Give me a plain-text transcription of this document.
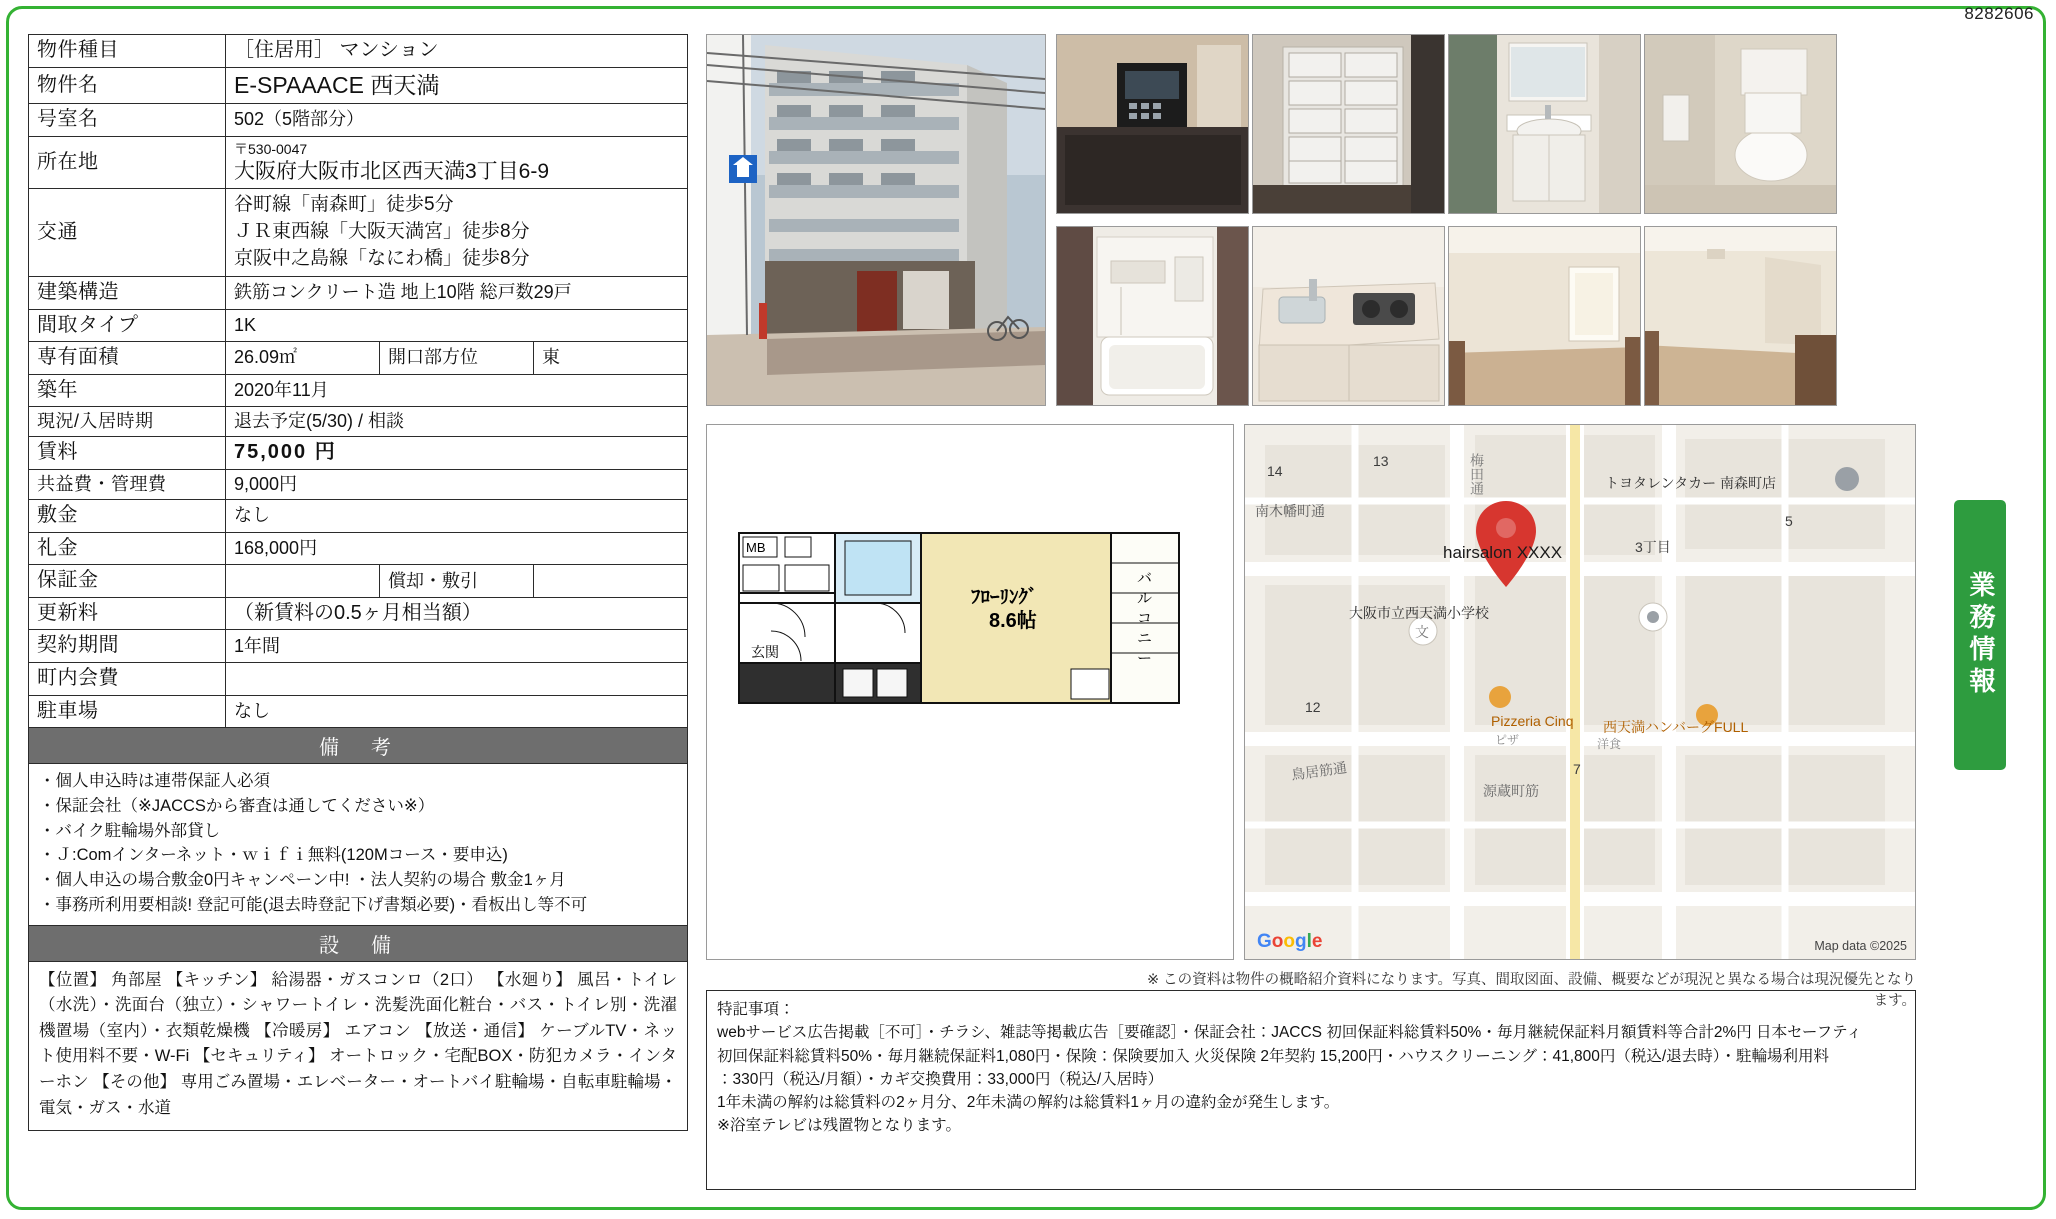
8282606
物件種目	［住居用］ マンション		
物件名	E-SPAAACE 西天満		
号室名	502（5階部分）		
所在地	〒530-0047
大阪府大阪市北区西天満3丁目6-9		

交通	谷町線「南森町」徒歩5分
ＪＲ東西線「大阪天満宮」徒歩8分
京阪中之島線「なにわ橋」徒歩8分		

建築構造	鉄筋コンクリート造 地上10階 総戸数29戸		
間取タイプ	1K		
専有面積	26.09㎡	開口部方位	東
築年	2020年11月		
現況/入居時期	退去予定(5/30) / 相談		
賃料	75,000 円		
共益費・管理費	9,000円		
敷金	なし		
礼金	168,000円		
保証金		償却・敷引	
更新料	（新賃料の0.5ヶ月相当額）		
契約期間	1年間		
町内会費			
駐車場	なし		
備　考
・個人申込時は連帯保証人必須
・保証会社（※JACCSから審査は通してください※）
・バイク駐輪場外部貸し
・Ｊ:Comインターネット・ｗｉｆｉ無料(120Mコース・要申込)
・個人申込の場合敷金0円キャンペーン中! ・法人契約の場合 敷金1ヶ月
・事務所利用要相談! 登記可能(退去時登記下げ書類必要)・看板出し等不可
設　備
【位置】 角部屋 【キッチン】 給湯器・ガスコンロ（2口） 【水廻り】 風呂・トイレ（水洗）・洗面台（独立）・シャワートイレ・洗髪洗面化粧台・バス・トイレ別・洗濯機置場（室内）・衣類乾燥機 【冷暖房】 エアコン 【放送・通信】 ケーブルTV・ネット使用料不要・W-Fi 【セキュリティ】 オートロック・宅配BOX・防犯カメラ・インターホン 【その他】 専用ごみ置場・エレベーター・オートバイ駐輪場・自転車駐輪場・電気・ガス・水道
MB
玄関
ﾌﾛｰﾘﾝｸﾞ
8.6帖
バ
ル
コ
ニ
ー
文
14
13
5
3丁目
12
7
トヨタレンタカー 南森町店
南木幡町通
大阪市立西天満小学校
Pizzeria Cinq
ピザ
西天満ハンバーグFULL
洋食
鳥居筋通
源蔵町筋
梅田通
hairsalon XXXX
Google	Map data ©2025
※ この資料は物件の概略紹介資料になります。写真、間取図面、設備、概要などが現況と異なる場合は現況優先となります。
特記事項：
webサービス広告掲載［不可］・チラシ、雑誌等掲載広告［要確認］・保証会社：JACCS 初回保証料総賃料50%・毎月継続保証料月額賃料等合計2%円 日本セーフティ
初回保証料総賃料50%・毎月継続保証料1,080円・保険：保険要加入 火災保険 2年契約 15,200円・ハウスクリーニング：41,800円（税込/退去時）・駐輪場利用料
：330円（税込/月額）・カギ交換費用：33,000円（税込/入居時）
1年未満の解約は総賃料の2ヶ月分、2年未満の解約は総賃料1ヶ月の違約金が発生します。
※浴室テレビは残置物となります。
業務情報
